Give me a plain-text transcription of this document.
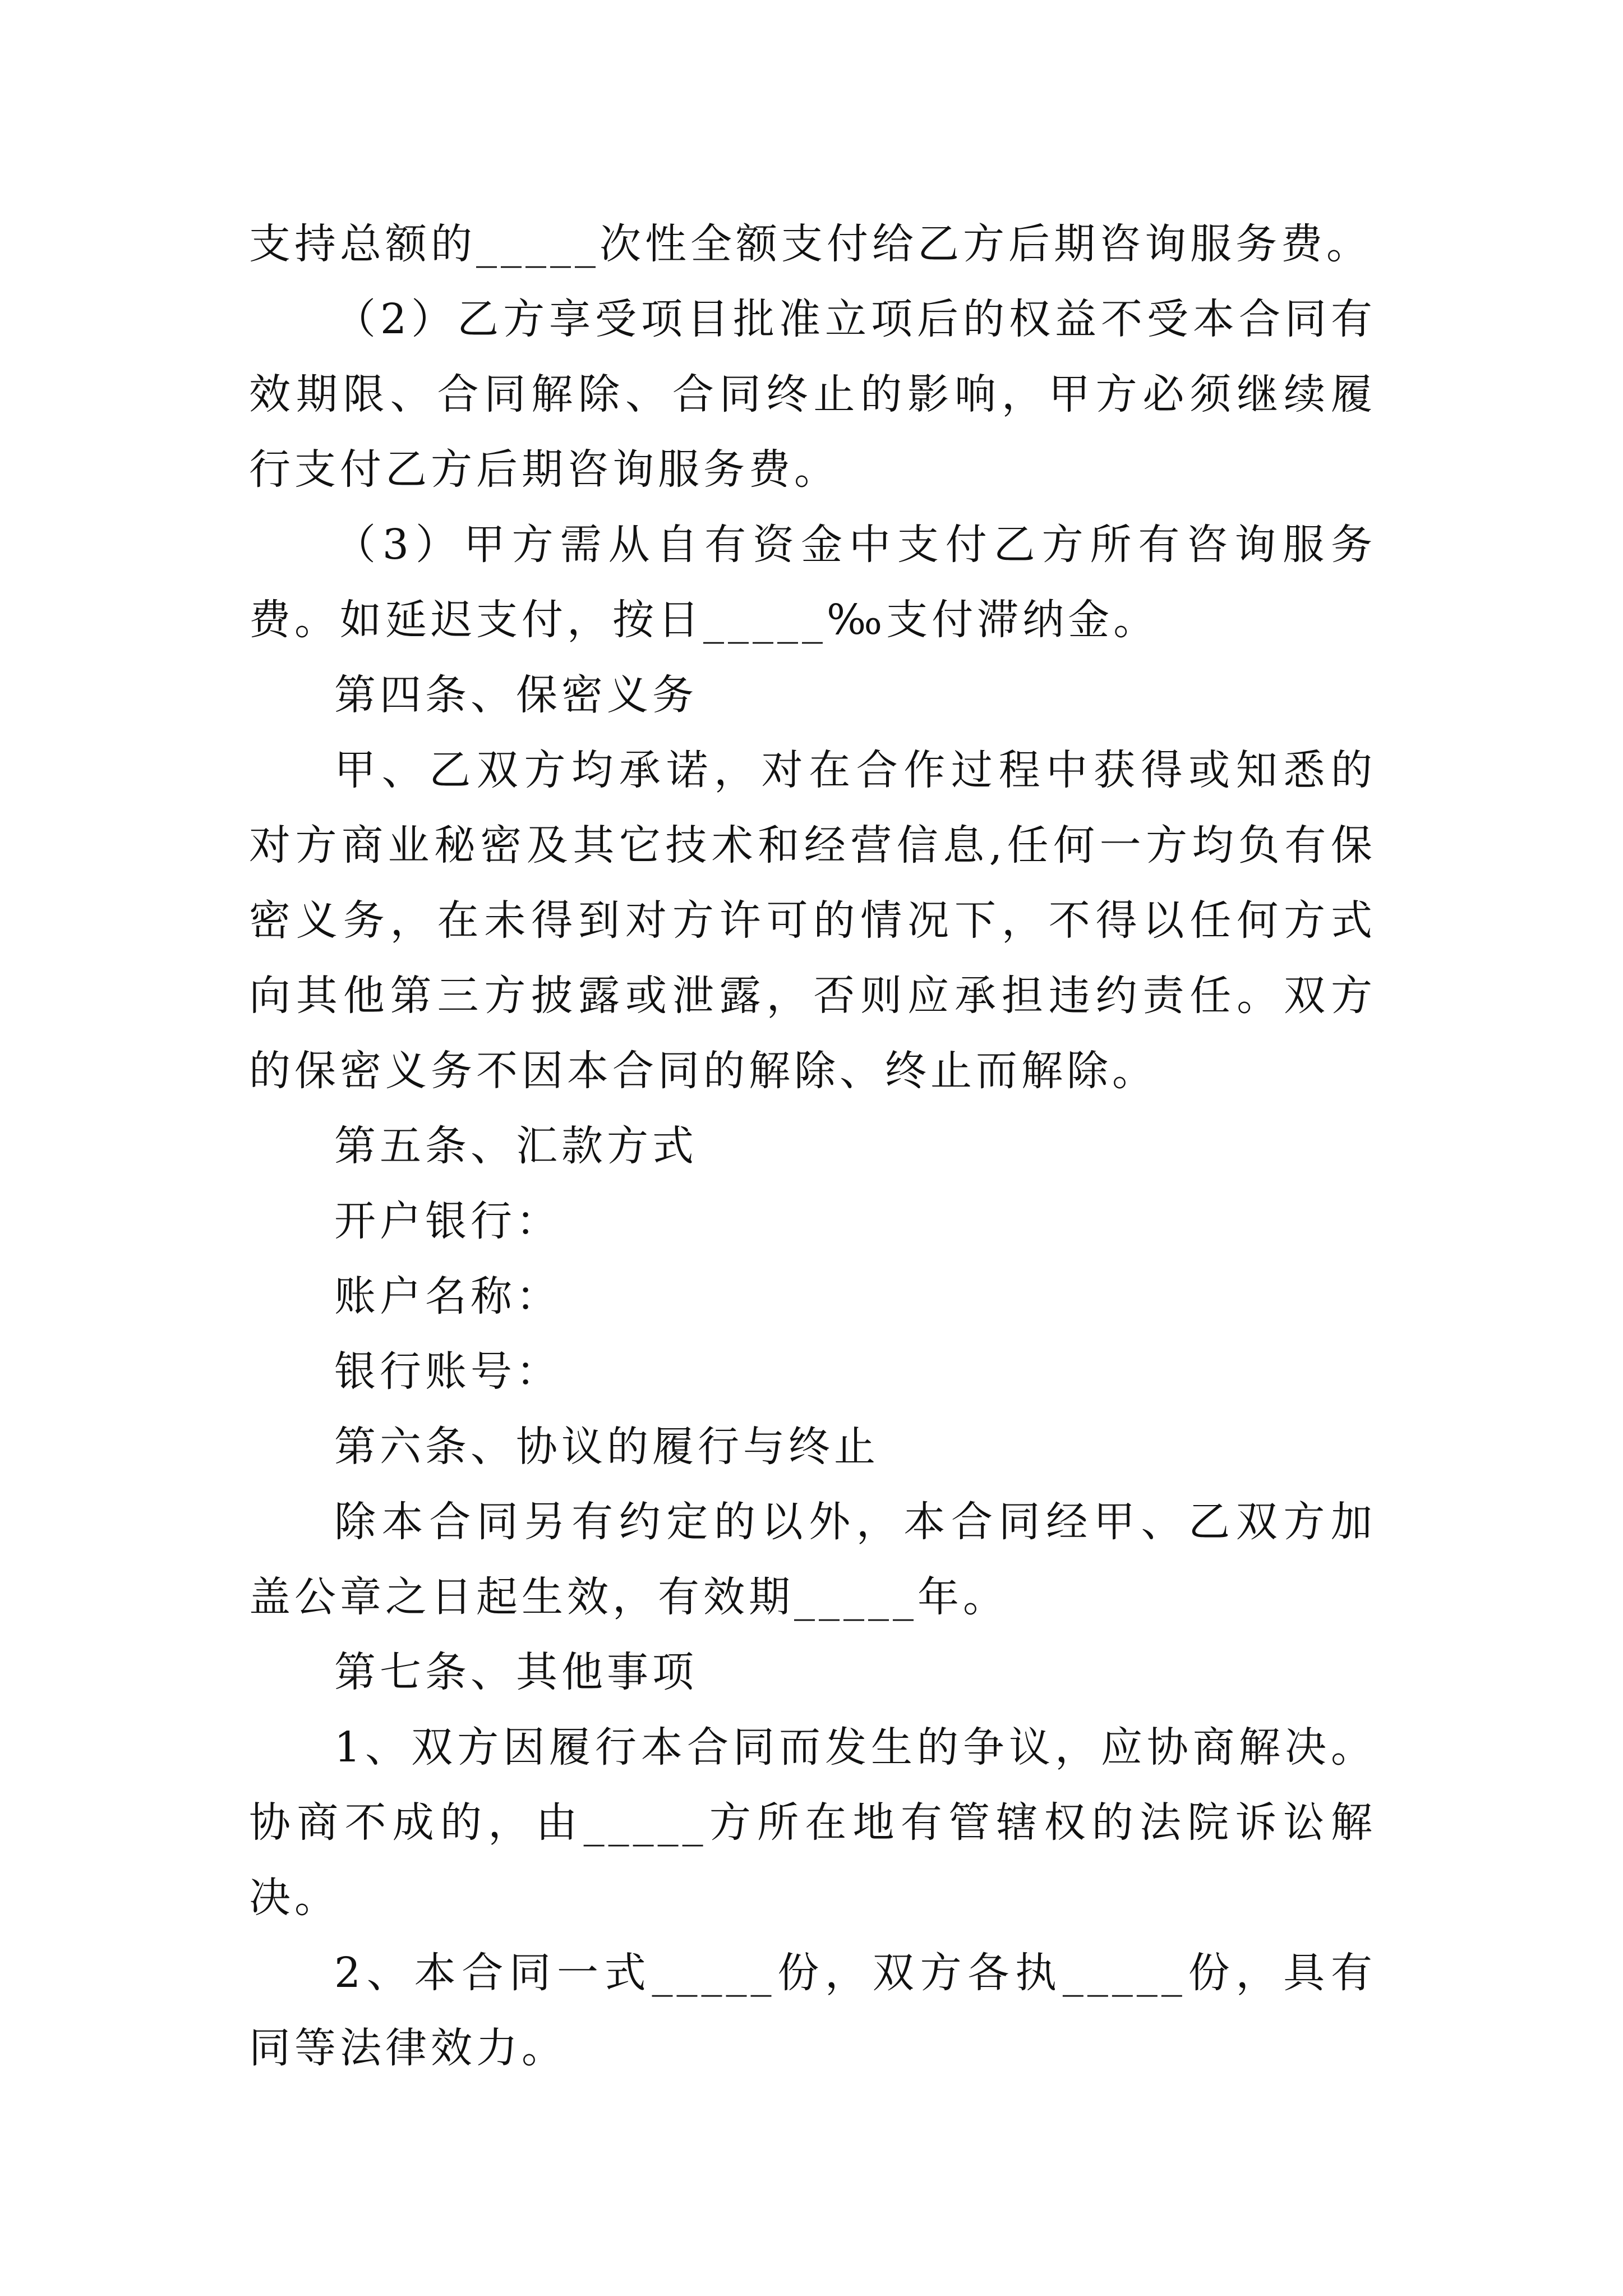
支持总额的_____次性全额支付给乙方后期咨询服务费。

（2）乙方享受项目批准立项后的权益不受本合同有效期限、合同解除、合同终止的影响，甲方必须继续履行支付乙方后期咨询服务费。

（3）甲方需从自有资金中支付乙方所有咨询服务费。如延迟支付，按日_____‰支付滞纳金。

第四条、保密义务

甲、乙双方均承诺，对在合作过程中获得或知悉的对方商业秘密及其它技术和经营信息,任何一方均负有保密义务，在未得到对方许可的情况下，不得以任何方式向其他第三方披露或泄露，否则应承担违约责任。双方的保密义务不因本合同的解除、终止而解除。

第五条、汇款方式

开户银行：

账户名称：

银行账号：

第六条、协议的履行与终止

除本合同另有约定的以外，本合同经甲、乙双方加盖公章之日起生效，有效期_____年。

第七条、其他事项

1、双方因履行本合同而发生的争议，应协商解决。协商不成的，由_____方所在地有管辖权的法院诉讼解决。

2、本合同一式_____份，双方各执_____份，具有同等法律效力。
